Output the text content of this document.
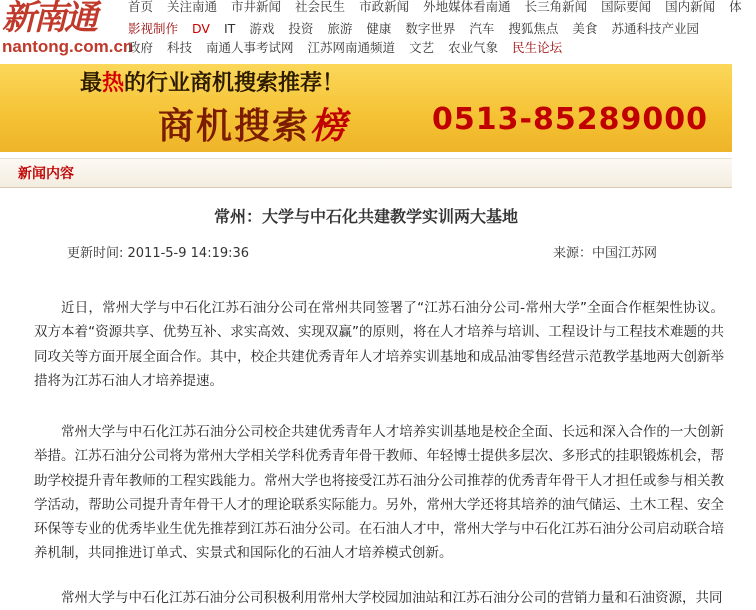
新南通
nantong.com.cn
首页 关注南通 市井新闻 社会民生 市政新闻 外地媒体看南通 长三角新闻 国际要闻 国内新闻 体
影视制作 DV IT 游戏 投资 旅游 健康 数字世界 汽车 搜狐焦点 美食 苏通科技产业园
政府 科技 南通人事考试网 江苏网南通频道 文艺 农业气象 民生论坛
最热的行业商机搜索推荐！
商机搜索榜	0513-85289000
新闻内容
常州：大学与中石化共建教学实训两大基地
更新时间: 2011-5-9 14:19:36	来源：中国江苏网
近日，常州大学与中石化江苏石油分公司在常州共同签署了“江苏石油分公司-常州大学”全面合作框架性协议。双方本着“资源共享、优势互补、求实高效、实现双赢”的原则，将在人才培养与培训、工程设计与工程技术难题的共同攻关等方面开展全面合作。其中，校企共建优秀青年人才培养实训基地和成品油零售经营示范教学基地两大创新举措将为江苏石油人才培养提速。
常州大学与中石化江苏石油分公司校企共建优秀青年人才培养实训基地是校企全面、长远和深入合作的一大创新举措。江苏石油分公司将为常州大学相关学科优秀青年骨干教师、年轻博士提供多层次、多形式的挂职锻炼机会，帮助学校提升青年教师的工程实践能力。常州大学也将接受江苏石油分公司推荐的优秀青年骨干人才担任或参与相关教学活动，帮助公司提升青年骨干人才的理论联系实际能力。另外，常州大学还将其培养的油气储运、土木工程、安全环保等专业的优秀毕业生优先推荐到江苏石油分公司。在石油人才中，常州大学与中石化江苏石油分公司启动联合培养机制，共同推进订单式、实景式和国际化的石油人才培养模式创新。
常州大学与中石化江苏石油分公司积极利用常州大学校园加油站和江苏石油分公司的营销力量和石油资源，共同
